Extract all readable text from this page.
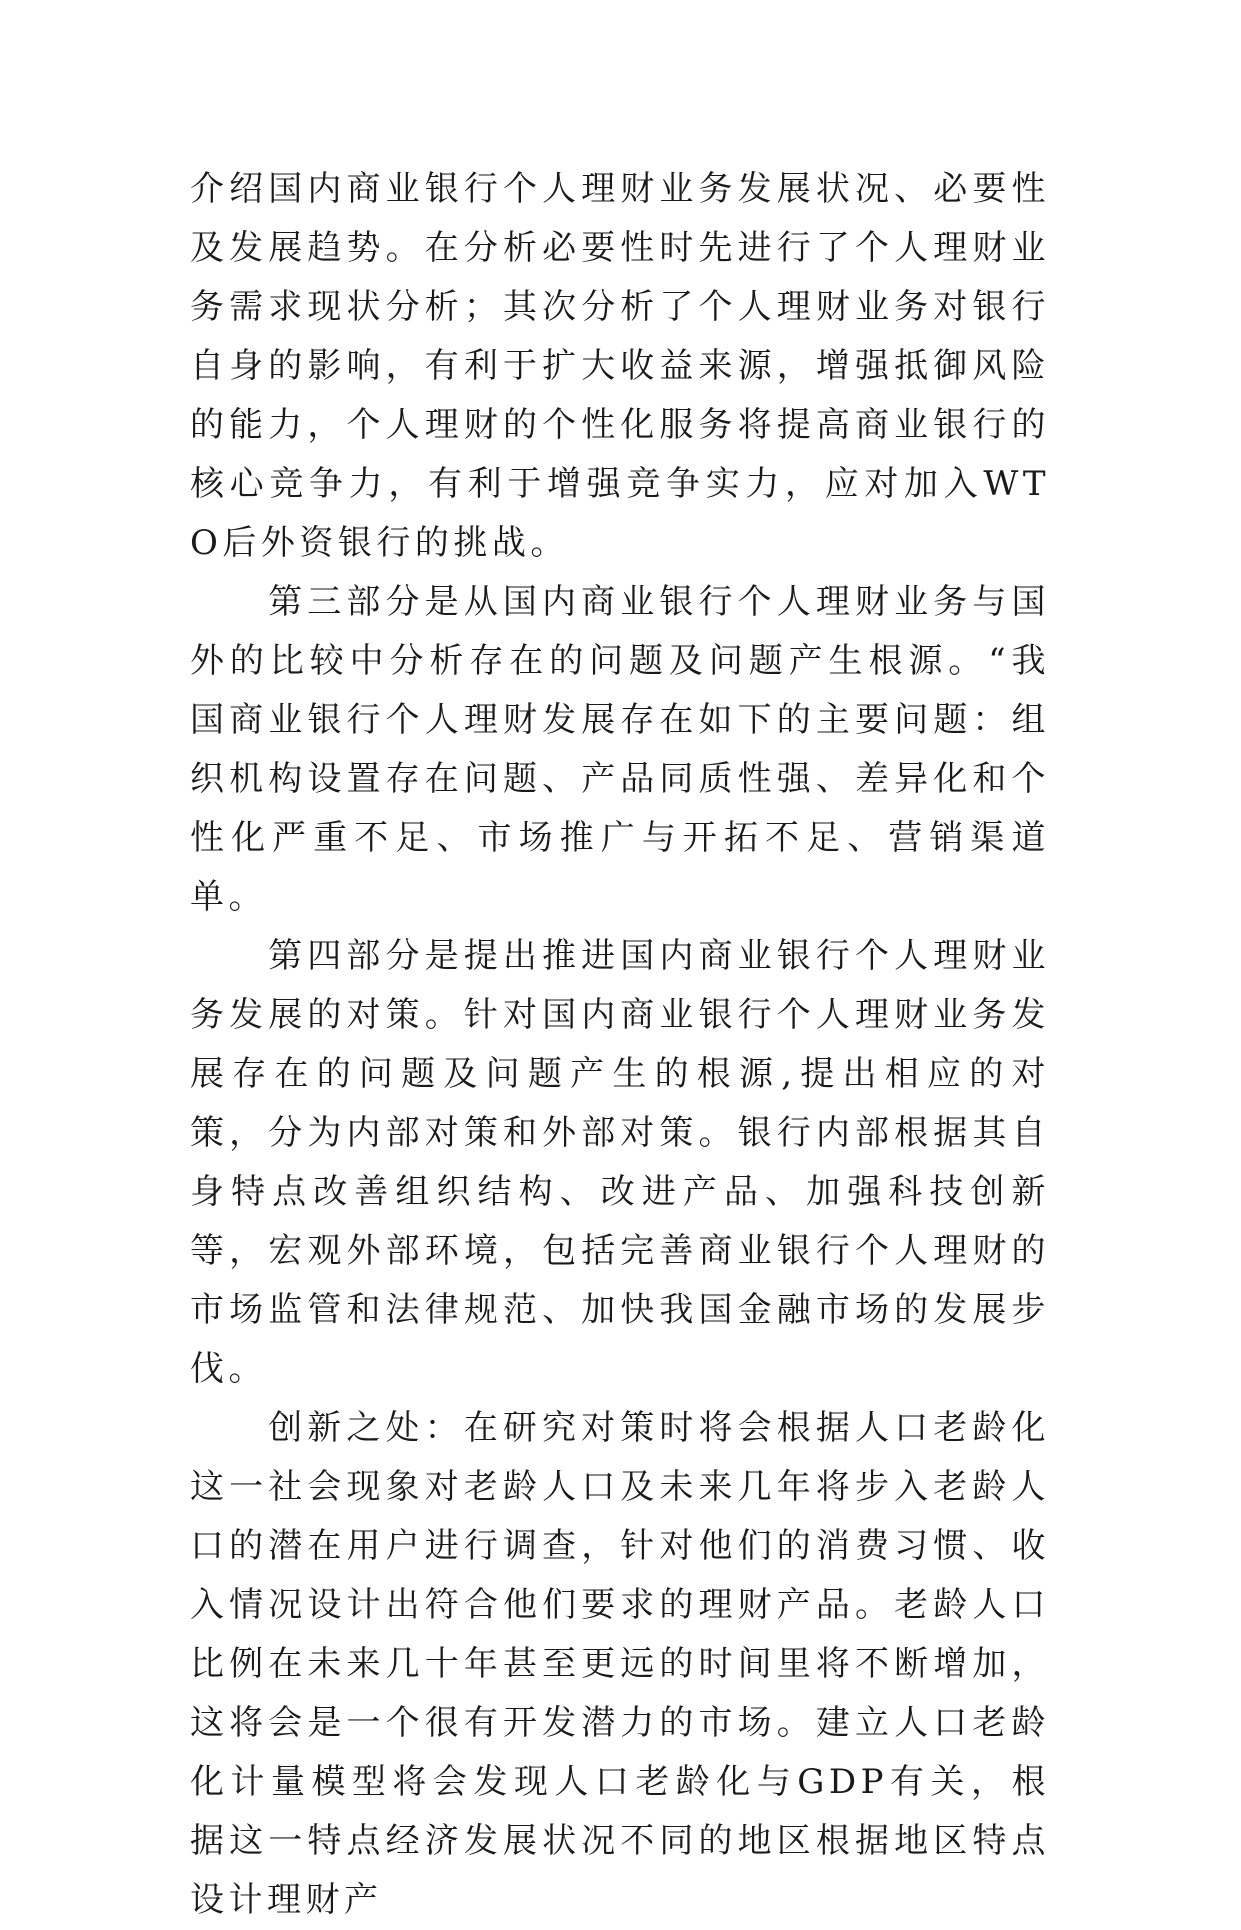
介绍国内商业银行个人理财业务发展状况、必要性及发展趋势。在分析必要性时先进行了个人理财业务需求现状分析；其次分析了个人理财业务对银行自身的影响，有利于扩大收益来源，增强抵御风险的能力，个人理财的个性化服务将提高商业银行的核心竞争力，有利于增强竞争实力，应对加入WTO后外资银行的挑战。

第三部分是从国内商业银行个人理财业务与国外的比较中分析存在的问题及问题产生根源。“我国商业银行个人理财发展存在如下的主要问题：组织机构设置存在问题、产品同质性强、差异化和个性化严重不足、市场推广与开拓不足、营销渠道单。

第四部分是提出推进国内商业银行个人理财业务发展的对策。针对国内商业银行个人理财业务发展存在的问题及问题产生的根源,提出相应的对策，分为内部对策和外部对策。银行内部根据其自身特点改善组织结构、改进产品、加强科技创新等，宏观外部环境，包括完善商业银行个人理财的市场监管和法律规范、加快我国金融市场的发展步伐。

创新之处：在研究对策时将会根据人口老龄化这一社会现象对老龄人口及未来几年将步入老龄人口的潜在用户进行调查，针对他们的消费习惯、收入情况设计出符合他们要求的理财产品。老龄人口比例在未来几十年甚至更远的时间里将不断增加，这将会是一个很有开发潜力的市场。建立人口老龄化计量模型将会发现人口老龄化与GDP有关，根据这一特点经济发展状况不同的地区根据地区特点设计理财产
